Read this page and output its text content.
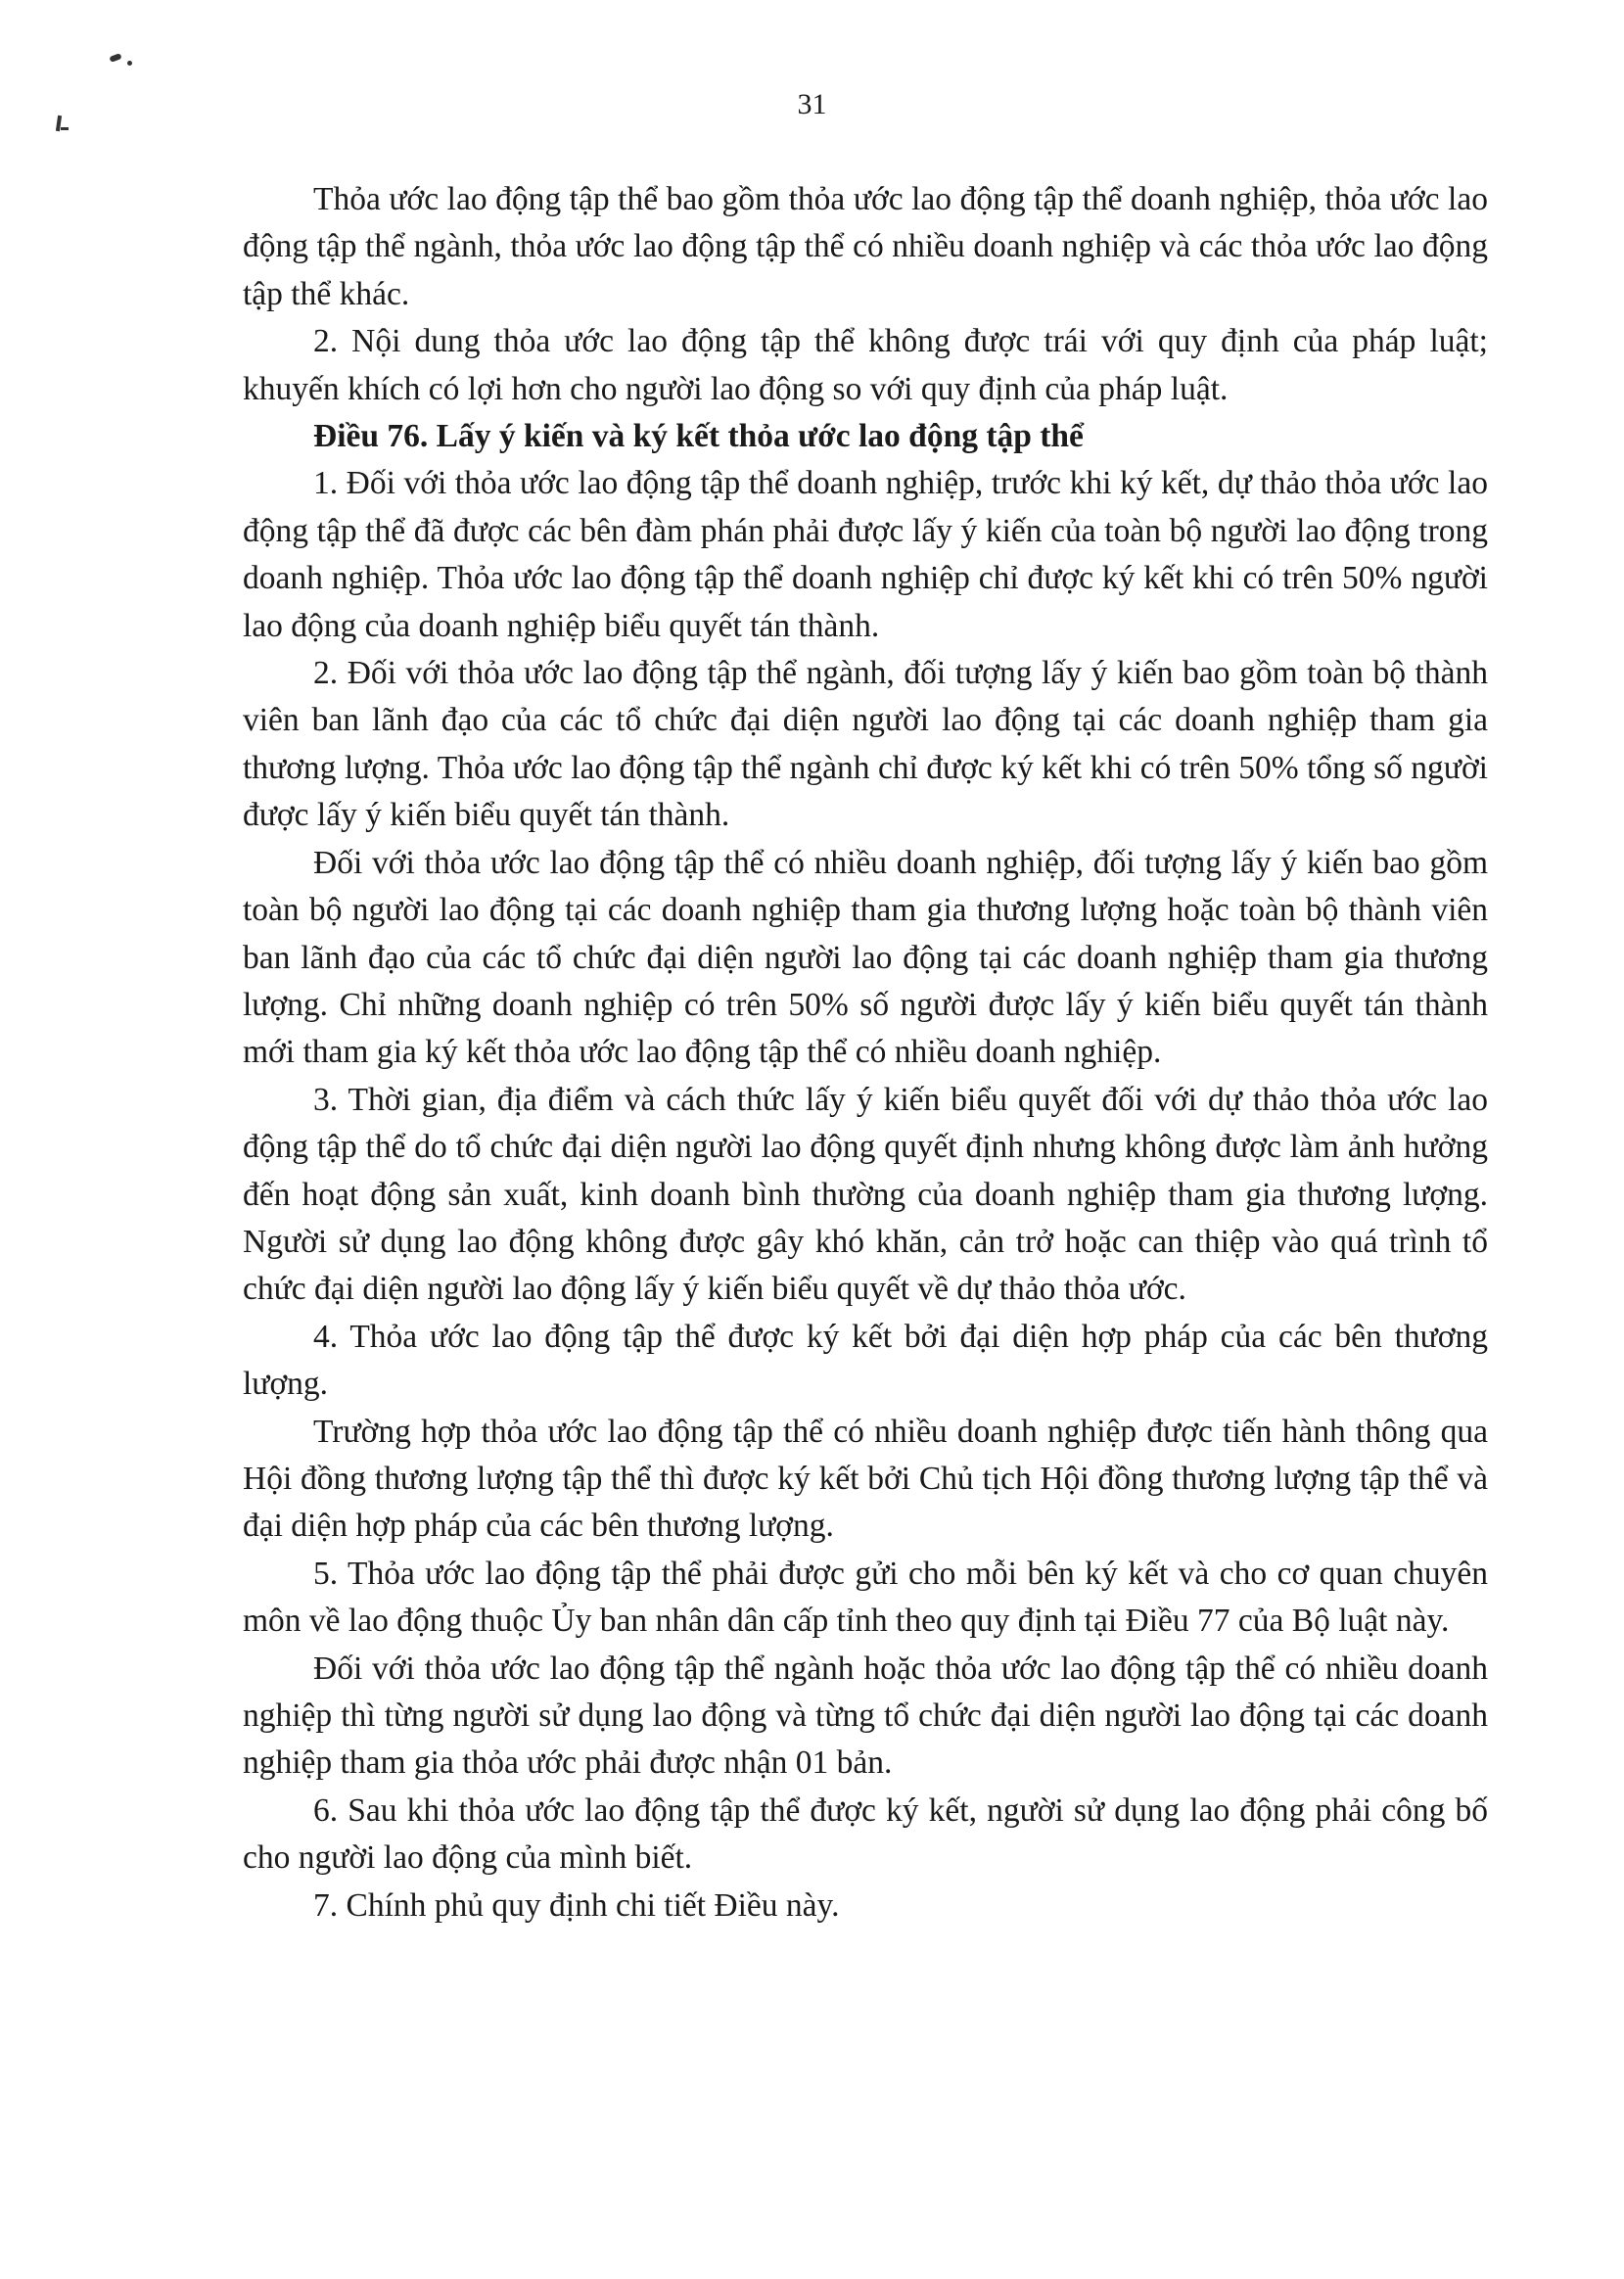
31

Thỏa ước lao động tập thể bao gồm thỏa ước lao động tập thể doanh nghiệp, thỏa ước lao động tập thể ngành, thỏa ước lao động tập thể có nhiều doanh nghiệp và các thỏa ước lao động tập thể khác.

2. Nội dung thỏa ước lao động tập thể không được trái với quy định của pháp luật; khuyến khích có lợi hơn cho người lao động so với quy định của pháp luật.

Điều 76. Lấy ý kiến và ký kết thỏa ước lao động tập thể

1. Đối với thỏa ước lao động tập thể doanh nghiệp, trước khi ký kết, dự thảo thỏa ước lao động tập thể đã được các bên đàm phán phải được lấy ý kiến của toàn bộ người lao động trong doanh nghiệp. Thỏa ước lao động tập thể doanh nghiệp chỉ được ký kết khi có trên 50% người lao động của doanh nghiệp biểu quyết tán thành.

2. Đối với thỏa ước lao động tập thể ngành, đối tượng lấy ý kiến bao gồm toàn bộ thành viên ban lãnh đạo của các tổ chức đại diện người lao động tại các doanh nghiệp tham gia thương lượng. Thỏa ước lao động tập thể ngành chỉ được ký kết khi có trên 50% tổng số người được lấy ý kiến biểu quyết tán thành.

Đối với thỏa ước lao động tập thể có nhiều doanh nghiệp, đối tượng lấy ý kiến bao gồm toàn bộ người lao động tại các doanh nghiệp tham gia thương lượng hoặc toàn bộ thành viên ban lãnh đạo của các tổ chức đại diện người lao động tại các doanh nghiệp tham gia thương lượng. Chỉ những doanh nghiệp có trên 50% số người được lấy ý kiến biểu quyết tán thành mới tham gia ký kết thỏa ước lao động tập thể có nhiều doanh nghiệp.

3. Thời gian, địa điểm và cách thức lấy ý kiến biểu quyết đối với dự thảo thỏa ước lao động tập thể do tổ chức đại diện người lao động quyết định nhưng không được làm ảnh hưởng đến hoạt động sản xuất, kinh doanh bình thường của doanh nghiệp tham gia thương lượng. Người sử dụng lao động không được gây khó khăn, cản trở hoặc can thiệp vào quá trình tổ chức đại diện người lao động lấy ý kiến biểu quyết về dự thảo thỏa ước.

4. Thỏa ước lao động tập thể được ký kết bởi đại diện hợp pháp của các bên thương lượng.

Trường hợp thỏa ước lao động tập thể có nhiều doanh nghiệp được tiến hành thông qua Hội đồng thương lượng tập thể thì được ký kết bởi Chủ tịch Hội đồng thương lượng tập thể và đại diện hợp pháp của các bên thương lượng.

5. Thỏa ước lao động tập thể phải được gửi cho mỗi bên ký kết và cho cơ quan chuyên môn về lao động thuộc Ủy ban nhân dân cấp tỉnh theo quy định tại Điều 77 của Bộ luật này.

Đối với thỏa ước lao động tập thể ngành hoặc thỏa ước lao động tập thể có nhiều doanh nghiệp thì từng người sử dụng lao động và từng tổ chức đại diện người lao động tại các doanh nghiệp tham gia thỏa ước phải được nhận 01 bản.

6. Sau khi thỏa ước lao động tập thể được ký kết, người sử dụng lao động phải công bố cho người lao động của mình biết.

7. Chính phủ quy định chi tiết Điều này.
